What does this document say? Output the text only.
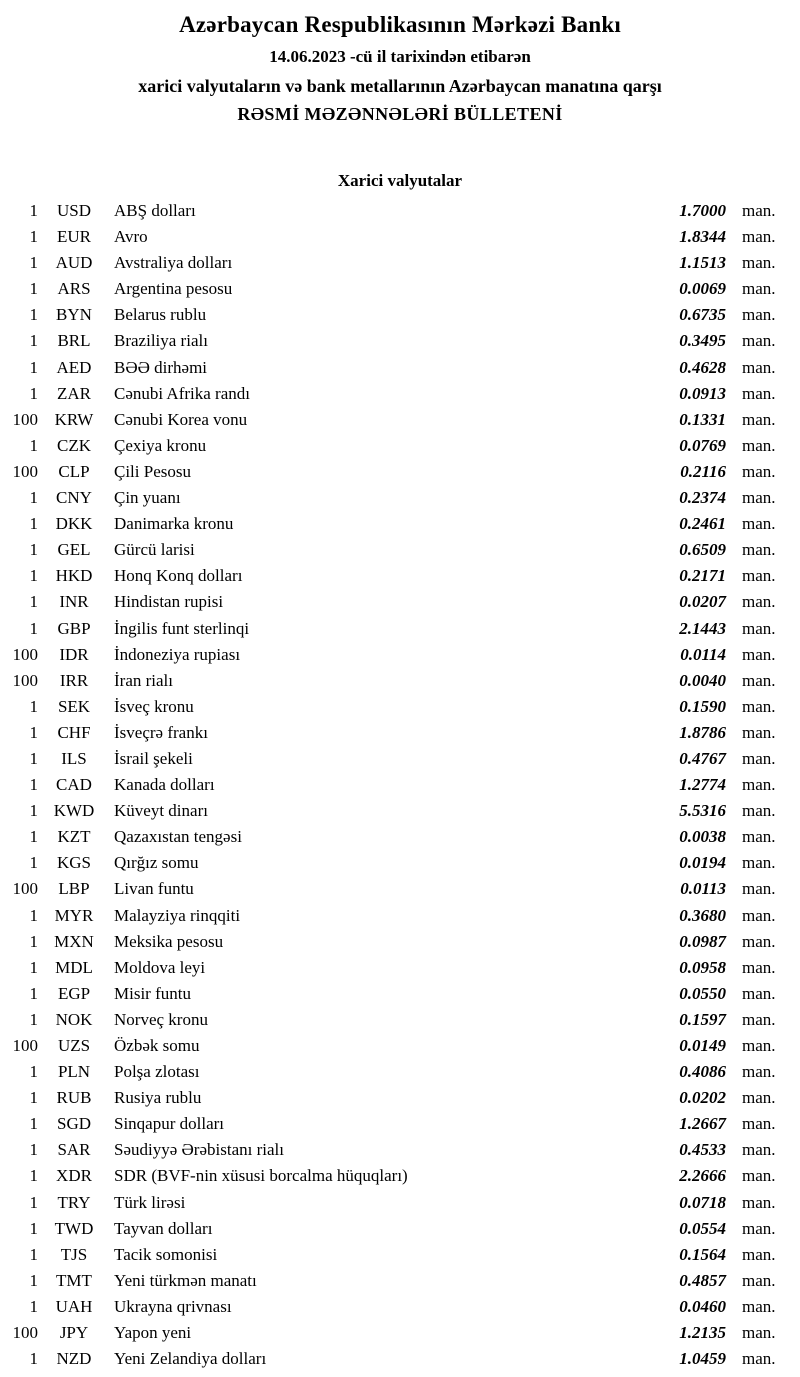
Azərbaycan Respublikasının Mərkəzi Bankı
14.06.2023 -cü il tarixindən etibarən
xarici valyutaların və bank metallarının Azərbaycan manatına qarşı
RƏSMİ MƏZƏNNƏLƏRİ BÜLLETENİ
Xarici valyutalar
1	USD	ABŞ dolları	1.7000 man.
1	EUR	Avro	1.8344 man.
1	AUD	Avstraliya dolları	1.1513 man.
1	ARS	Argentina pesosu	0.0069 man.
1	BYN	Belarus rublu	0.6735 man.
1	BRL	Braziliya rialı	0.3495 man.
1	AED	BƏƏ dirhəmi	0.4628 man.
1	ZAR	Cənubi Afrika randı	0.0913 man.
100 KRW	Cənubi Korea vonu	0.1331 man.
1	CZK	Çexiya kronu	0.0769 man.
100	CLP	Çili Pesosu	0.2116 man.
1	CNY	Çin yuanı	0.2374 man.
1	DKK	Danimarka kronu	0.2461 man.
1	GEL	Gürcü larisi	0.6509 man.
1	HKD	Honq Konq dolları	0.2171 man.
1	INR	Hindistan rupisi	0.0207 man.
1	GBP	İngilis funt sterlinqi	2.1443 man.
100	IDR	İndoneziya rupiası	0.0114 man.
100	IRR	İran rialı	0.0040 man.
1	SEK	İsveç kronu	0.1590 man.
1	CHF	İsveçrə frankı	1.8786 man.
1	ILS	İsrail şekeli	0.4767 man.
1	CAD	Kanada dolları	1.2774 man.
1 KWD	Küveyt dinarı	5.5316 man.
1	KZT	Qazaxıstan tengəsi	0.0038 man.
1	KGS	Qırğız somu	0.0194 man.
100	LBP	Livan funtu	0.0113 man.
1 MYR	Malayziya rinqqiti	0.3680 man.
1 MXN	Meksika pesosu	0.0987 man.
1	MDL	Moldova leyi	0.0958 man.
1	EGP	Misir funtu	0.0550 man.
1	NOK	Norveç kronu	0.1597 man.
100	UZS	Özbək somu	0.0149 man.
1	PLN	Polşa zlotası	0.4086 man.
1	RUB	Rusiya rublu	0.0202 man.
1	SGD	Sinqapur dolları	1.2667 man.
1	SAR	Səudiyyə Ərəbistanı rialı	0.4533 man.
1	XDR	SDR (BVF-nin xüsusi borcalma hüquqları)	2.2666 man.
1	TRY	Türk lirəsi	0.0718 man.
1 TWD	Tayvan dolları	0.0554 man.
1	TJS	Tacik somonisi	0.1564 man.
1	TMT	Yeni türkmən manatı	0.4857 man.
1	UAH	Ukrayna qrivnası	0.0460 man.
100	JPY	Yapon yeni	1.2135 man.
1	NZD	Yeni Zelandiya dolları	1.0459 man.
